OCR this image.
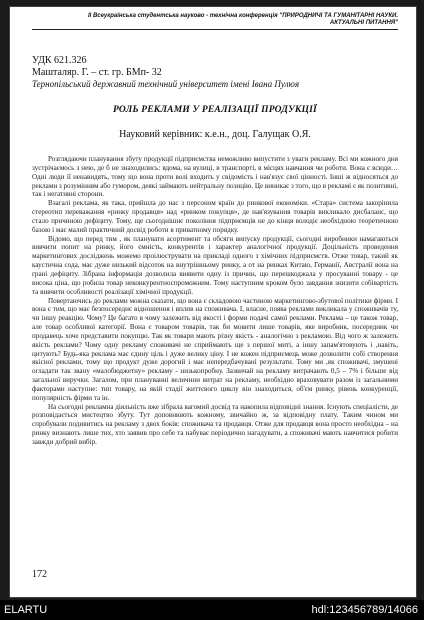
ІІ Всеукраїнська студентська науково - технічна конференція "ПРИРОДНИЧІ ТА ГУМАНІТАРНІ НАУКИ.
АКТУАЛЬНІ ПИТАННЯ"
УДК 621.326
Машталяр. Г. – ст. гр. БМп- 32
Тернопільський державний технічний університет імені Івана Пулюя
РОЛЬ РЕКЛАМИ У РЕАЛІЗАЦІЇ ПРОДУКЦІЇ
Науковий керівник: к.е.н., доц. Галущак О.Я.

Розглядаючи планування збуту продукції підприємства неможливо випустити з уваги рекламу. Всі ми кожного дня зустрічаємось з нею, де б не знаходились: вдома, на вулиці, в транспорті, в місцях навчання чи роботи. Вона є всюди…Одні люди її ненавидять, тому що вона проти волі входить у свідомість і нав'язує свої цінності. Інші ж відносяться до реклами з розумінням або гумором, деякі займають нейтральну позицію. Це виникає з того, що в рекламі є як позитивні, так і негативні сторони.

Взагалі реклама, як така, прийшла до нас з персоном країн до ринкової економіки. «Стара» система закорінила стереотип переважання «ринку продавця» над «ринком покупця», де нав'язування товарів викликало дисбаланс, що стало причиною дефіциту. Тому, ще сьогоднішнє покоління підприємців не до кінця володіє необхідною теоретичною базою і має малий практичний досвід роботи в приватному порядку.

Відомо, що перед тим , як планувати асортимент та обсяги випуску продукції, сьогодні виробники намагаються вивчити попит на ринку, його ємність, конкурентів і характер аналогічної продукції. Доцільність проведення маркетингових досліджень можемо проілюструвати на прикладі одного з хімічних підприємств. Отже товар, такий як каустична сода, має дуже низький відсоток на внутрішньому ринку, а от на ринках Китаю, Германії, Австралії вона на грані дефіциту. Зібрана інформація дозволила виявити одну із причин, що перешкоджала у просуванні товару - це висока ціна, що робила товар неконкурентноспроможним. Тому наступним кроком було завдання знизити собівартість та вивчити особливості реалізації хімічної продукції.

Повертаючись до реклами можна сказати, що вона є складовою частиною маркетингово-збутової політики фірми. І вона є тим, що має безпосереднє відношення і вплив на споживача. І, власне, поява реклами викликала у споживачів ту, чи іншу реакцію. Чому? Це багато в чому залежить від якості і форми подачі самої реклами. Реклама – це також товар, але товар особливої категорії. Вона є товаром товарів, так би мовити лише товарів, яке виробник, посередник чи продавець хоче представити покупцю. Так як товари мають різну якість - аналогічно з рекламою. Від чого ж залежить якість реклами? Чому одну рекламу споживачі не сприймають ще з першої миті, а іншу запам'ятовують і ,навіть, цитують? Будь-яка реклама має єдину ціль і дуже велику ціну. І не кожен підприємець може дозволити собі створення якісної реклами, тому що продукт дуже дорогий і має непередбачувані результати. Тому ми ,як споживачі, змушені огладати так звану «малобюджетну» рекламу - низькопробну. Зазвичай на рекламу витрачають 0,5 – 7% і більше від загальної виручки. Загалом, при плануванні величини витрат на рекламу, необхідно враховувати разом із загальними факторами наступне: тип товару, на якій стадії життєвого циклу він знаходиться, об'єм ринку, рівень конкуренції, популярність фірми та ін.

На сьогодні рекламна діяльність вже зібрала вагомий досвід та накопила відповідні знання. Існують спеціалісти, де розповідається мистецтво збуту. Тут доповнюють кожному, звичайно ж, за відповідну плату. Таким чином ми спробували подивитись на рекламу з двох боків: споживача та продавця. Отже для продавця вона просто необхідна – на ринку визнають лише тих, хто заявив про себе та набуває періодично нагадувати, а споживачі мають навчитися робити завжди добрий вибір.

172
ELARTU	hdl:123456789/14066
